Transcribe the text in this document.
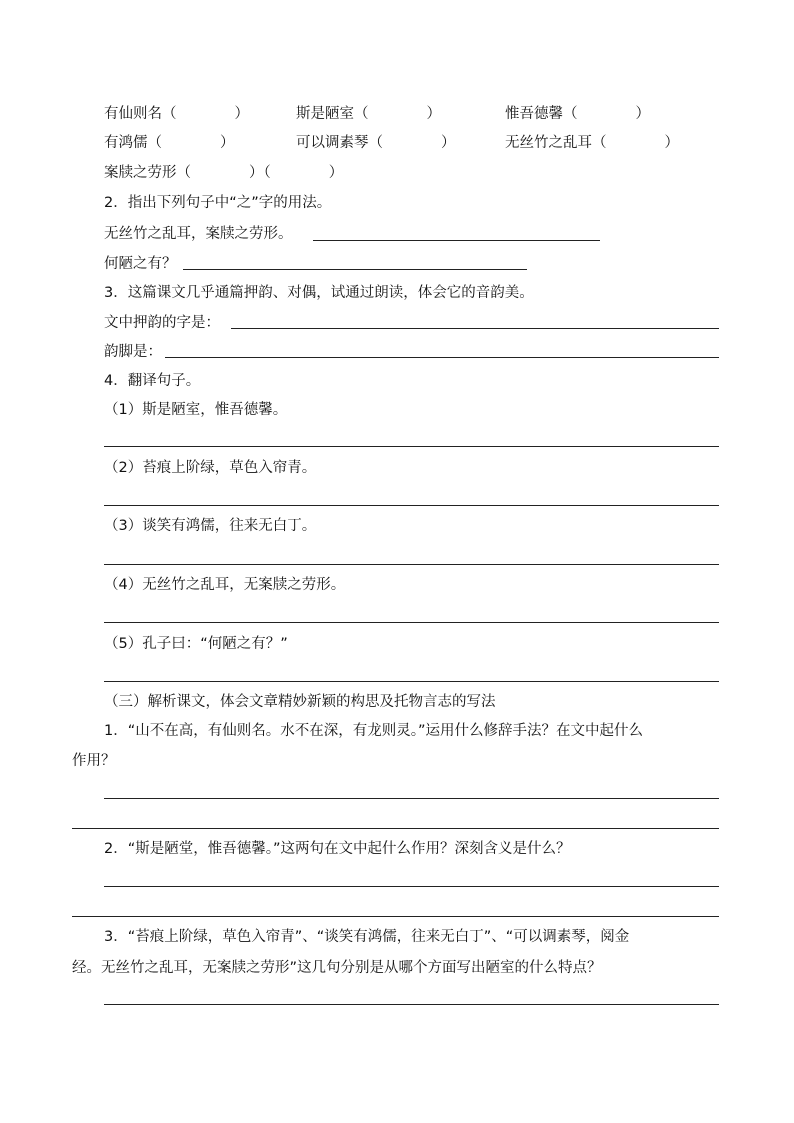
有仙则名（　　　　）	斯是陋室（　　　　）	惟吾德馨（　　　　）
有鸿儒（　　　　）	可以调素琴（　　　　）	无丝竹之乱耳（　　　　）
案牍之劳形（　　　　）（　　　　）
2．指出下列句子中“之”字的用法。
无丝竹之乱耳，案牍之劳形。
何陋之有？
3．这篇课文几乎通篇押韵、对偶，试通过朗读，体会它的音韵美。
文中押韵的字是：
韵脚是：
4．翻译句子。
（1）斯是陋室，惟吾德馨。
（2）苔痕上阶绿，草色入帘青。
（3）谈笑有鸿儒，往来无白丁。
（4）无丝竹之乱耳，无案牍之劳形。
（5）孔子曰：“何陋之有？”
（三）解析课文，体会文章精妙新颖的构思及托物言志的写法
1．“山不在高，有仙则名。水不在深，有龙则灵。”运用什么修辞手法？在文中起什么
作用？
2．“斯是陋堂，惟吾德馨。”这两句在文中起什么作用？深刻含义是什么？
3．“苔痕上阶绿，草色入帘青”、“谈笑有鸿儒，往来无白丁”、“可以调素琴，阅金
经。无丝竹之乱耳，无案牍之劳形”这几句分别是从哪个方面写出陋室的什么特点？
